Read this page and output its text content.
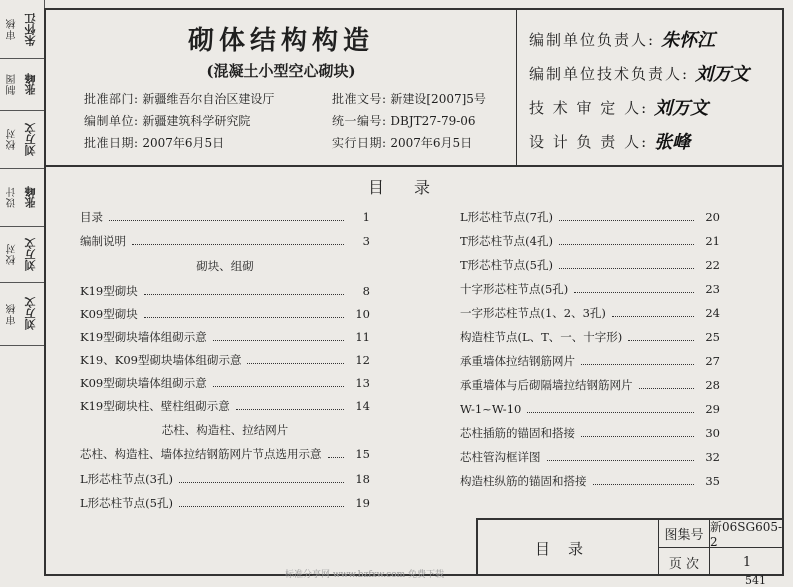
审核 朱怀江
制图 张峰
校对 刘万文
设计 张峰
校对 刘万文
审核 刘万文
砌体结构构造
(混凝土小型空心砌块)
批准部门: 新疆维吾尔自治区建设厅	批准文号: 新建设[2007]5号
编制单位: 新疆建筑科学研究院	统一编号: DBJT27-79-06
批准日期: 2007年6月5日	实行日期: 2007年6月5日
编制单位负责人: 朱怀江
编制单位技术负责人: 刘万文
技 术 审 定 人: 刘万文
设 计 负 责 人: 张峰
目录
目录	1
编制说明	3
砌块、组砌
K19型砌块	8
K09型砌块	10
K19型砌块墙体组砌示意	11
K19、K09型砌块墙体组砌示意	12
K09型砌块墙体组砌示意	13
K19型砌块柱、壁柱组砌示意	14
芯柱、构造柱、拉结网片
芯柱、构造柱、墙体拉结钢筋网片节点选用示意	15
L形芯柱节点(3孔)	18
L形芯柱节点(5孔)	19
L形芯柱节点(7孔)	20
T形芯柱节点(4孔)	21
T形芯柱节点(5孔)	22
十字形芯柱节点(5孔)	23
一字形芯柱节点(1、2、3孔)	24
构造柱节点(L、T、一、十字形)	25
承重墙体拉结钢筋网片	27
承重墙体与后砌隔墙拉结钢筋网片	28
W-1~W-10	29
芯柱插筋的锚固和搭接	30
芯柱管沟框详图	32
构造柱纵筋的锚固和搭接	35
目录
图集号
新06SG605-2
页 次	1
标准分享网 www.bzfxw.com 免费下载	541
